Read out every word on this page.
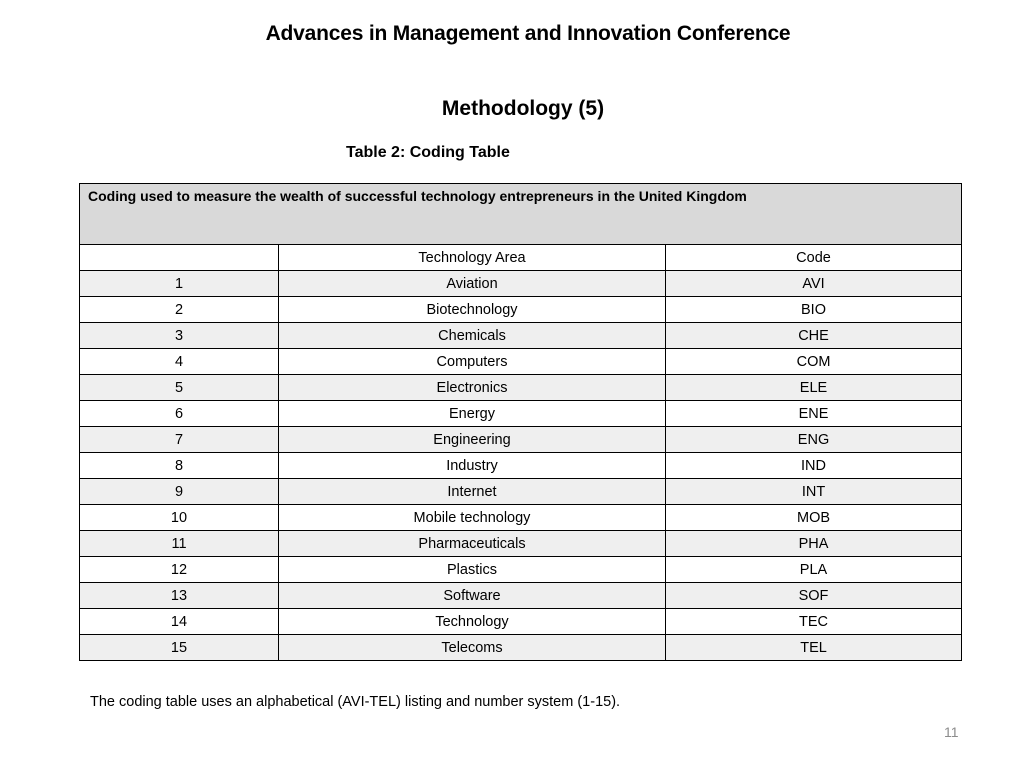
Advances in Management and Innovation Conference
Methodology (5)
Table 2: Coding Table
Coding used to measure the wealth of successful technology entrepreneurs in the United Kingdom		
	Technology Area	Code
1	Aviation	AVI
2	Biotechnology	BIO
3	Chemicals	CHE
4	Computers	COM
5	Electronics	ELE
6	Energy	ENE
7	Engineering	ENG
8	Industry	IND
9	Internet	INT
10	Mobile technology	MOB
11	Pharmaceuticals	PHA
12	Plastics	PLA
13	Software	SOF
14	Technology	TEC
15	Telecoms	TEL
The coding table uses an alphabetical (AVI-TEL) listing and number system (1-15).
11
